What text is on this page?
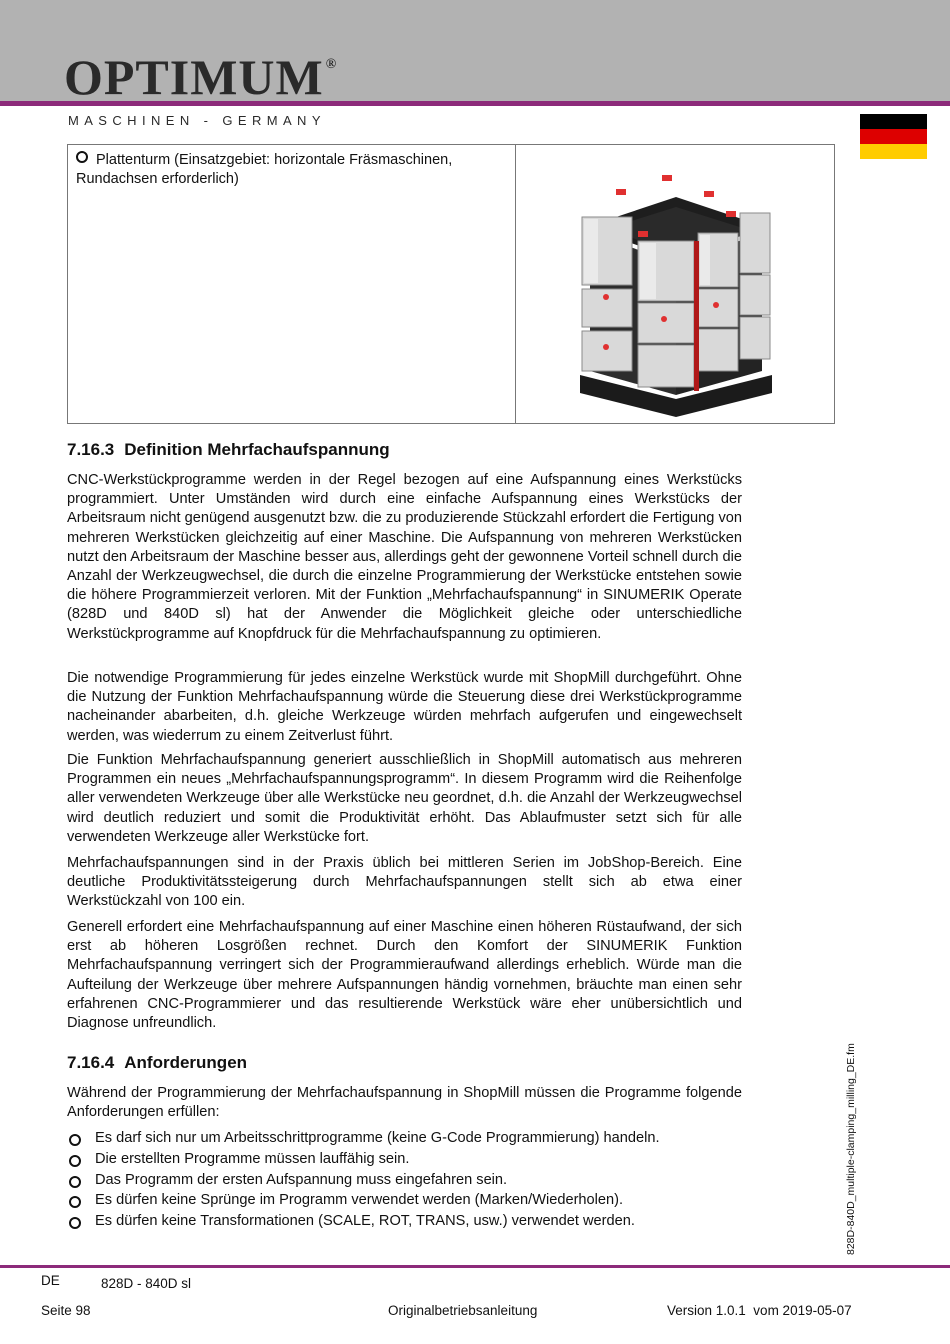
OPTIMUM ®
MASCHINEN - GERMANY
Plattenturm (Einsatzgebiet: horizontale Fräsmaschinen, Rundachsen erforderlich)
7.16.3 Definition Mehrfachaufspannung

CNC-Werkstückprogramme werden in der Regel bezogen auf eine Aufspannung eines Werkstücks programmiert. Unter Umständen wird durch eine einfache Aufspannung eines Werkstücks der Arbeitsraum nicht genügend ausgenutzt bzw. die zu produzierende Stückzahl erfordert die Fertigung von mehreren Werkstücken gleichzeitig auf einer Maschine. Die Aufspannung von mehreren Werkstücken nutzt den Arbeitsraum der Maschine besser aus, allerdings geht der gewonnene Vorteil schnell durch die Anzahl der Werkzeugwechsel, die durch die einzelne Programmierung der Werkstücke entstehen sowie die höhere Programmierzeit verloren. Mit der Funktion „Mehrfachaufspannung“ in SINUMERIK Operate (828D und 840D sl) hat der Anwender die Möglichkeit gleiche oder unterschiedliche Werkstückprogramme auf Knopfdruck für die Mehrfachaufspannung zu optimieren.

Die notwendige Programmierung für jedes einzelne Werkstück wurde mit ShopMill durchgeführt. Ohne die Nutzung der Funktion Mehrfachaufspannung würde die Steuerung diese drei Werkstückprogramme nacheinander abarbeiten, d.h. gleiche Werkzeuge würden mehrfach aufgerufen und eingewechselt werden, was wiederrum zu einem Zeitverlust führt.

Die Funktion Mehrfachaufspannung generiert ausschließlich in ShopMill automatisch aus mehreren Programmen ein neues „Mehrfachaufspannungsprogramm“. In diesem Programm wird die Reihenfolge aller verwendeten Werkzeuge über alle Werkstücke neu geordnet, d.h. die Anzahl der Werkzeugwechsel wird deutlich reduziert und somit die Produktivität erhöht. Das Ablaufmuster setzt sich für alle verwendeten Werkzeuge aller Werkstücke fort.

Mehrfachaufspannungen sind in der Praxis üblich bei mittleren Serien im JobShop-Bereich. Eine deutliche Produktivitätssteigerung durch Mehrfachaufspannungen stellt sich ab etwa einer Werkstückzahl von 100 ein.

Generell erfordert eine Mehrfachaufspannung auf einer Maschine einen höheren Rüstaufwand, der sich erst ab höheren Losgrößen rechnet. Durch den Komfort der SINUMERIK Funktion Mehrfachaufspannung verringert sich der Programmieraufwand allerdings erheblich. Würde man die Aufteilung der Werkzeuge über mehrere Aufspannungen händig vornehmen, bräuchte man einen sehr erfahrenen CNC-Programmierer und das resultierende Werkstück wäre eher unübersichtlich und Diagnose unfreundlich.

7.16.4 Anforderungen

Während der Programmierung der Mehrfachaufspannung in ShopMill müssen die Programme folgende Anforderungen erfüllen:

Es darf sich nur um Arbeitsschrittprogramme (keine G-Code Programmierung) handeln.
Die erstellten Programme müssen lauffähig sein.
Das Programm der ersten Aufspannung muss eingefahren sein.
Es dürfen keine Sprünge im Programm verwendet werden (Marken/Wiederholen).
Es dürfen keine Transformationen (SCALE, ROT, TRANS, usw.) verwendet werden.	828D-840D_multiple-clamping_milling_DE.fm
DE	828D - 840D sl
Seite 98	Originalbetriebsanleitung	Version 1.0.1  vom 2019-05-07
